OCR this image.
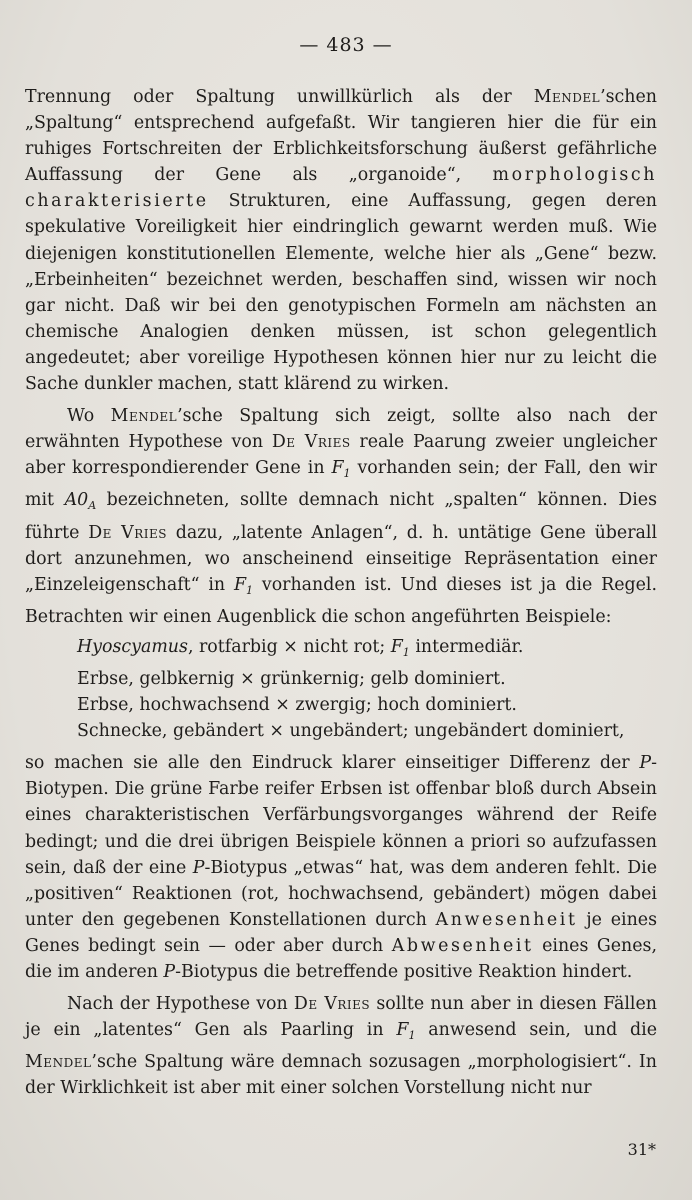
— 483 —

Trennung oder Spaltung unwillkürlich als der Mendel’schen „Spaltung“ entsprechend aufgefaßt. Wir tangieren hier die für ein ruhiges Fortschreiten der Erblichkeitsforschung äußerst gefährliche Auffassung der Gene als „organoide“, morphologisch charakterisierte Strukturen, eine Auffassung, gegen deren spekulative Voreiligkeit hier eindringlich gewarnt werden muß. Wie diejenigen konstitutionellen Elemente, welche hier als „Gene“ bezw. „Erbeinheiten“ bezeichnet werden, beschaffen sind, wissen wir noch gar nicht. Daß wir bei den genotypischen Formeln am nächsten an chemische Analogien denken müssen, ist schon gelegentlich angedeutet; aber voreilige Hypothesen können hier nur zu leicht die Sache dunkler machen, statt klärend zu wirken.

Wo Mendel’sche Spaltung sich zeigt, sollte also nach der erwähnten Hypothese von De Vries reale Paarung zweier ungleicher aber korrespondierender Gene in $F_1$ vorhanden sein; der Fall, den wir mit $A0_A$ bezeichneten, sollte demnach nicht „spalten“ können. Dies führte De Vries dazu, „latente Anlagen“, d. h. untätige Gene überall dort anzunehmen, wo anscheinend einseitige Repräsentation einer „Einzeleigenschaft“ in $F_1$ vorhanden ist. Und dieses ist ja die Regel. Betrachten wir einen Augenblick die schon angeführten Beispiele:

Hyoscyamus, rotfarbig × nicht rot; $F_1$ intermediär.
Erbse, gelbkernig × grünkernig; gelb dominiert.
Erbse, hochwachsend × zwergig; hoch dominiert.
Schnecke, gebändert × ungebändert; ungebändert dominiert,

so machen sie alle den Eindruck klarer einseitiger Differenz der P-Biotypen. Die grüne Farbe reifer Erbsen ist offenbar bloß durch Absein eines charakteristischen Verfärbungsvorganges während der Reife bedingt; und die drei übrigen Beispiele können a priori so aufzufassen sein, daß der eine P-Biotypus „etwas“ hat, was dem anderen fehlt. Die „positiven“ Reaktionen (rot, hochwachsend, gebändert) mögen dabei unter den gegebenen Konstellationen durch Anwesenheit je eines Genes bedingt sein — oder aber durch Abwesenheit eines Genes, die im anderen P-Biotypus die betreffende positive Reaktion hindert.

Nach der Hypothese von De Vries sollte nun aber in diesen Fällen je ein „latentes“ Gen als Paarling in $F_1$ anwesend sein, und die Mendel’sche Spaltung wäre demnach sozusagen „morphologisiert“. In der Wirklichkeit ist aber mit einer solchen Vorstellung nicht nur

31*
